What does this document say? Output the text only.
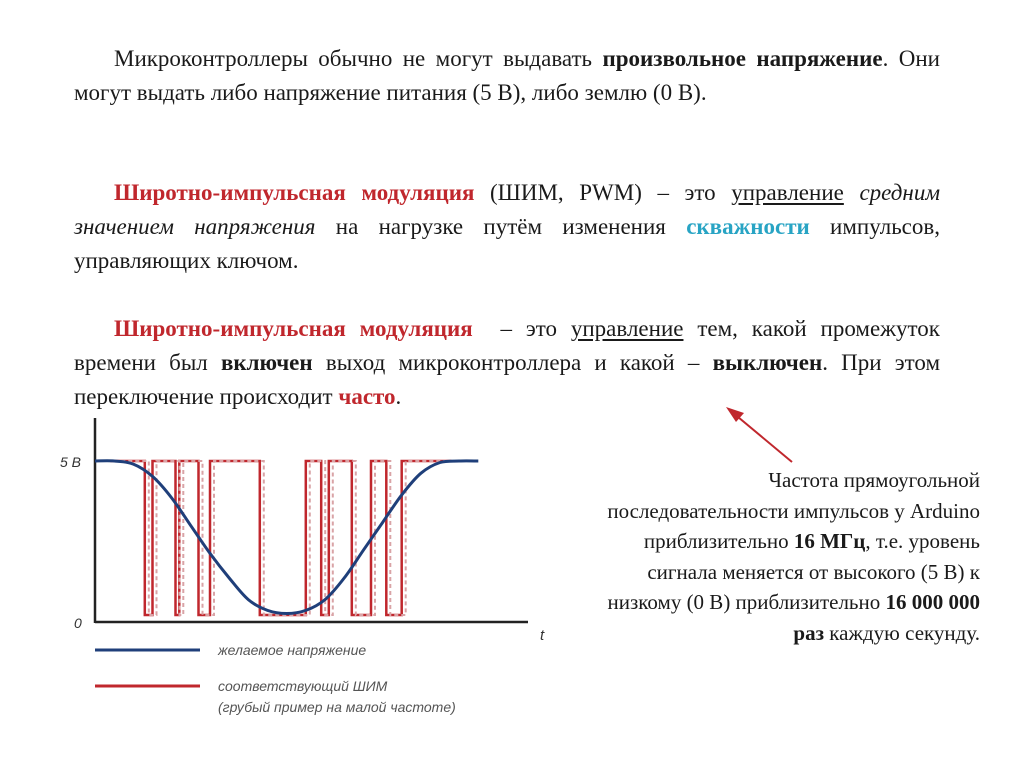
Микроконтроллеры обычно не могут выдавать произвольное напряжение. Они могут выдать либо напряжение питания (5 В), либо землю (0 В).

Широтно-импульсная модуляция (ШИМ, PWM) – это управление средним значением напряжения на нагрузке путём изменения скважности импульсов, управляющих ключом.

Широтно-импульсная модуляция  – это управление тем, какой промежуток времени был включен выход микроконтроллера и какой – выключен. При этом переключение происходит часто.

5 В
0
t
желаемое напряжение
соответствующий ШИМ
(грубый пример на малой частоте)

Частота прямоугольной последовательности импульсов у Arduino приблизительно 16 МГц, т.е. уровень сигнала меняется от высокого (5 В) к низкому (0 В) приблизительно 16 000 000 раз каждую секунду.
